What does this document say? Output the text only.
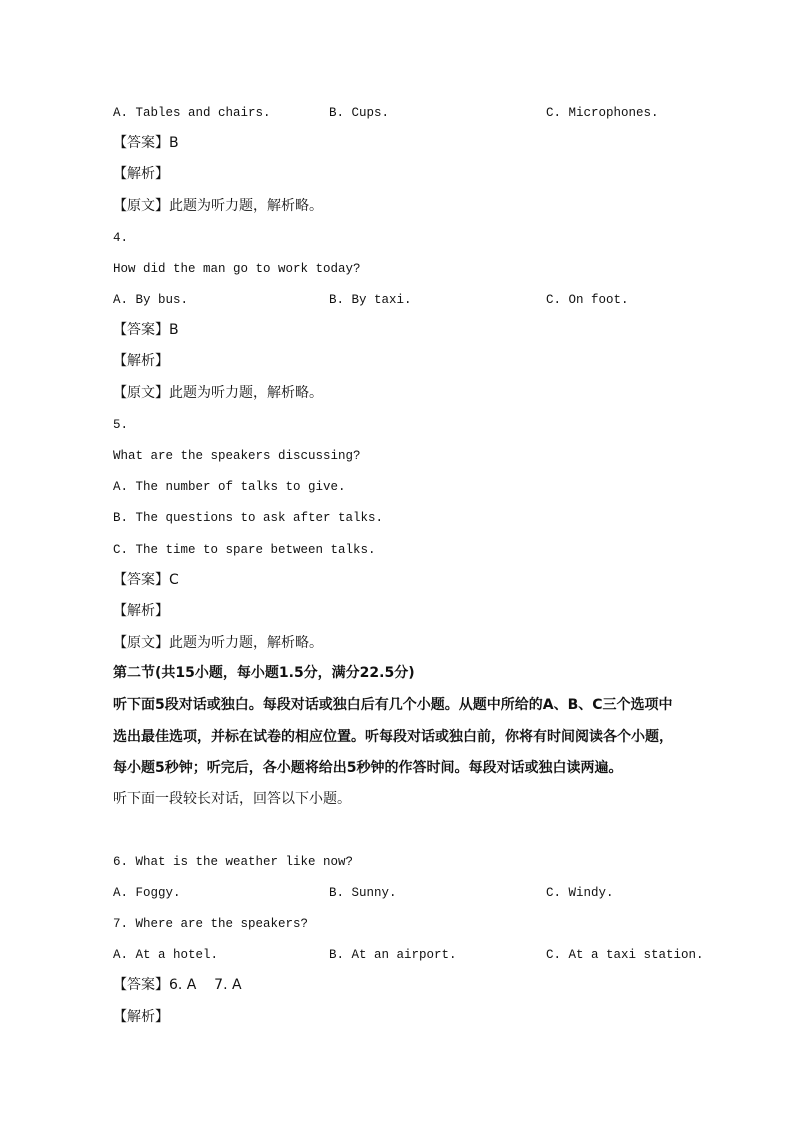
A. Tables and chairs.	B. Cups.	C. Microphones.
【答案】B
【解析】
【原文】此题为听力题，解析略。
4.
How did the man go to work today?
A. By bus.	B. By taxi.	C. On foot.
【答案】B
【解析】
【原文】此题为听力题，解析略。
5.
What are the speakers discussing?
A. The number of talks to give.
B. The questions to ask after talks.
C. The time to spare between talks.
【答案】C
【解析】
【原文】此题为听力题，解析略。
第二节(共15小题，每小题1.5分，满分22.5分)
听下面5段对话或独白。每段对话或独白后有几个小题。从题中所给的A、B、C三个选项中
选出最佳选项，并标在试卷的相应位置。听每段对话或独白前，你将有时间阅读各个小题，
每小题5秒钟；听完后，各小题将给出5秒钟的作答时间。每段对话或独白读两遍。
听下面一段较长对话，回答以下小题。
6. What is the weather like now?
A. Foggy.	B. Sunny.	C. Windy.
7. Where are the speakers?
A. At a hotel.	B. At an airport.	C. At a taxi station.
【答案】6. A    7. A
【解析】
